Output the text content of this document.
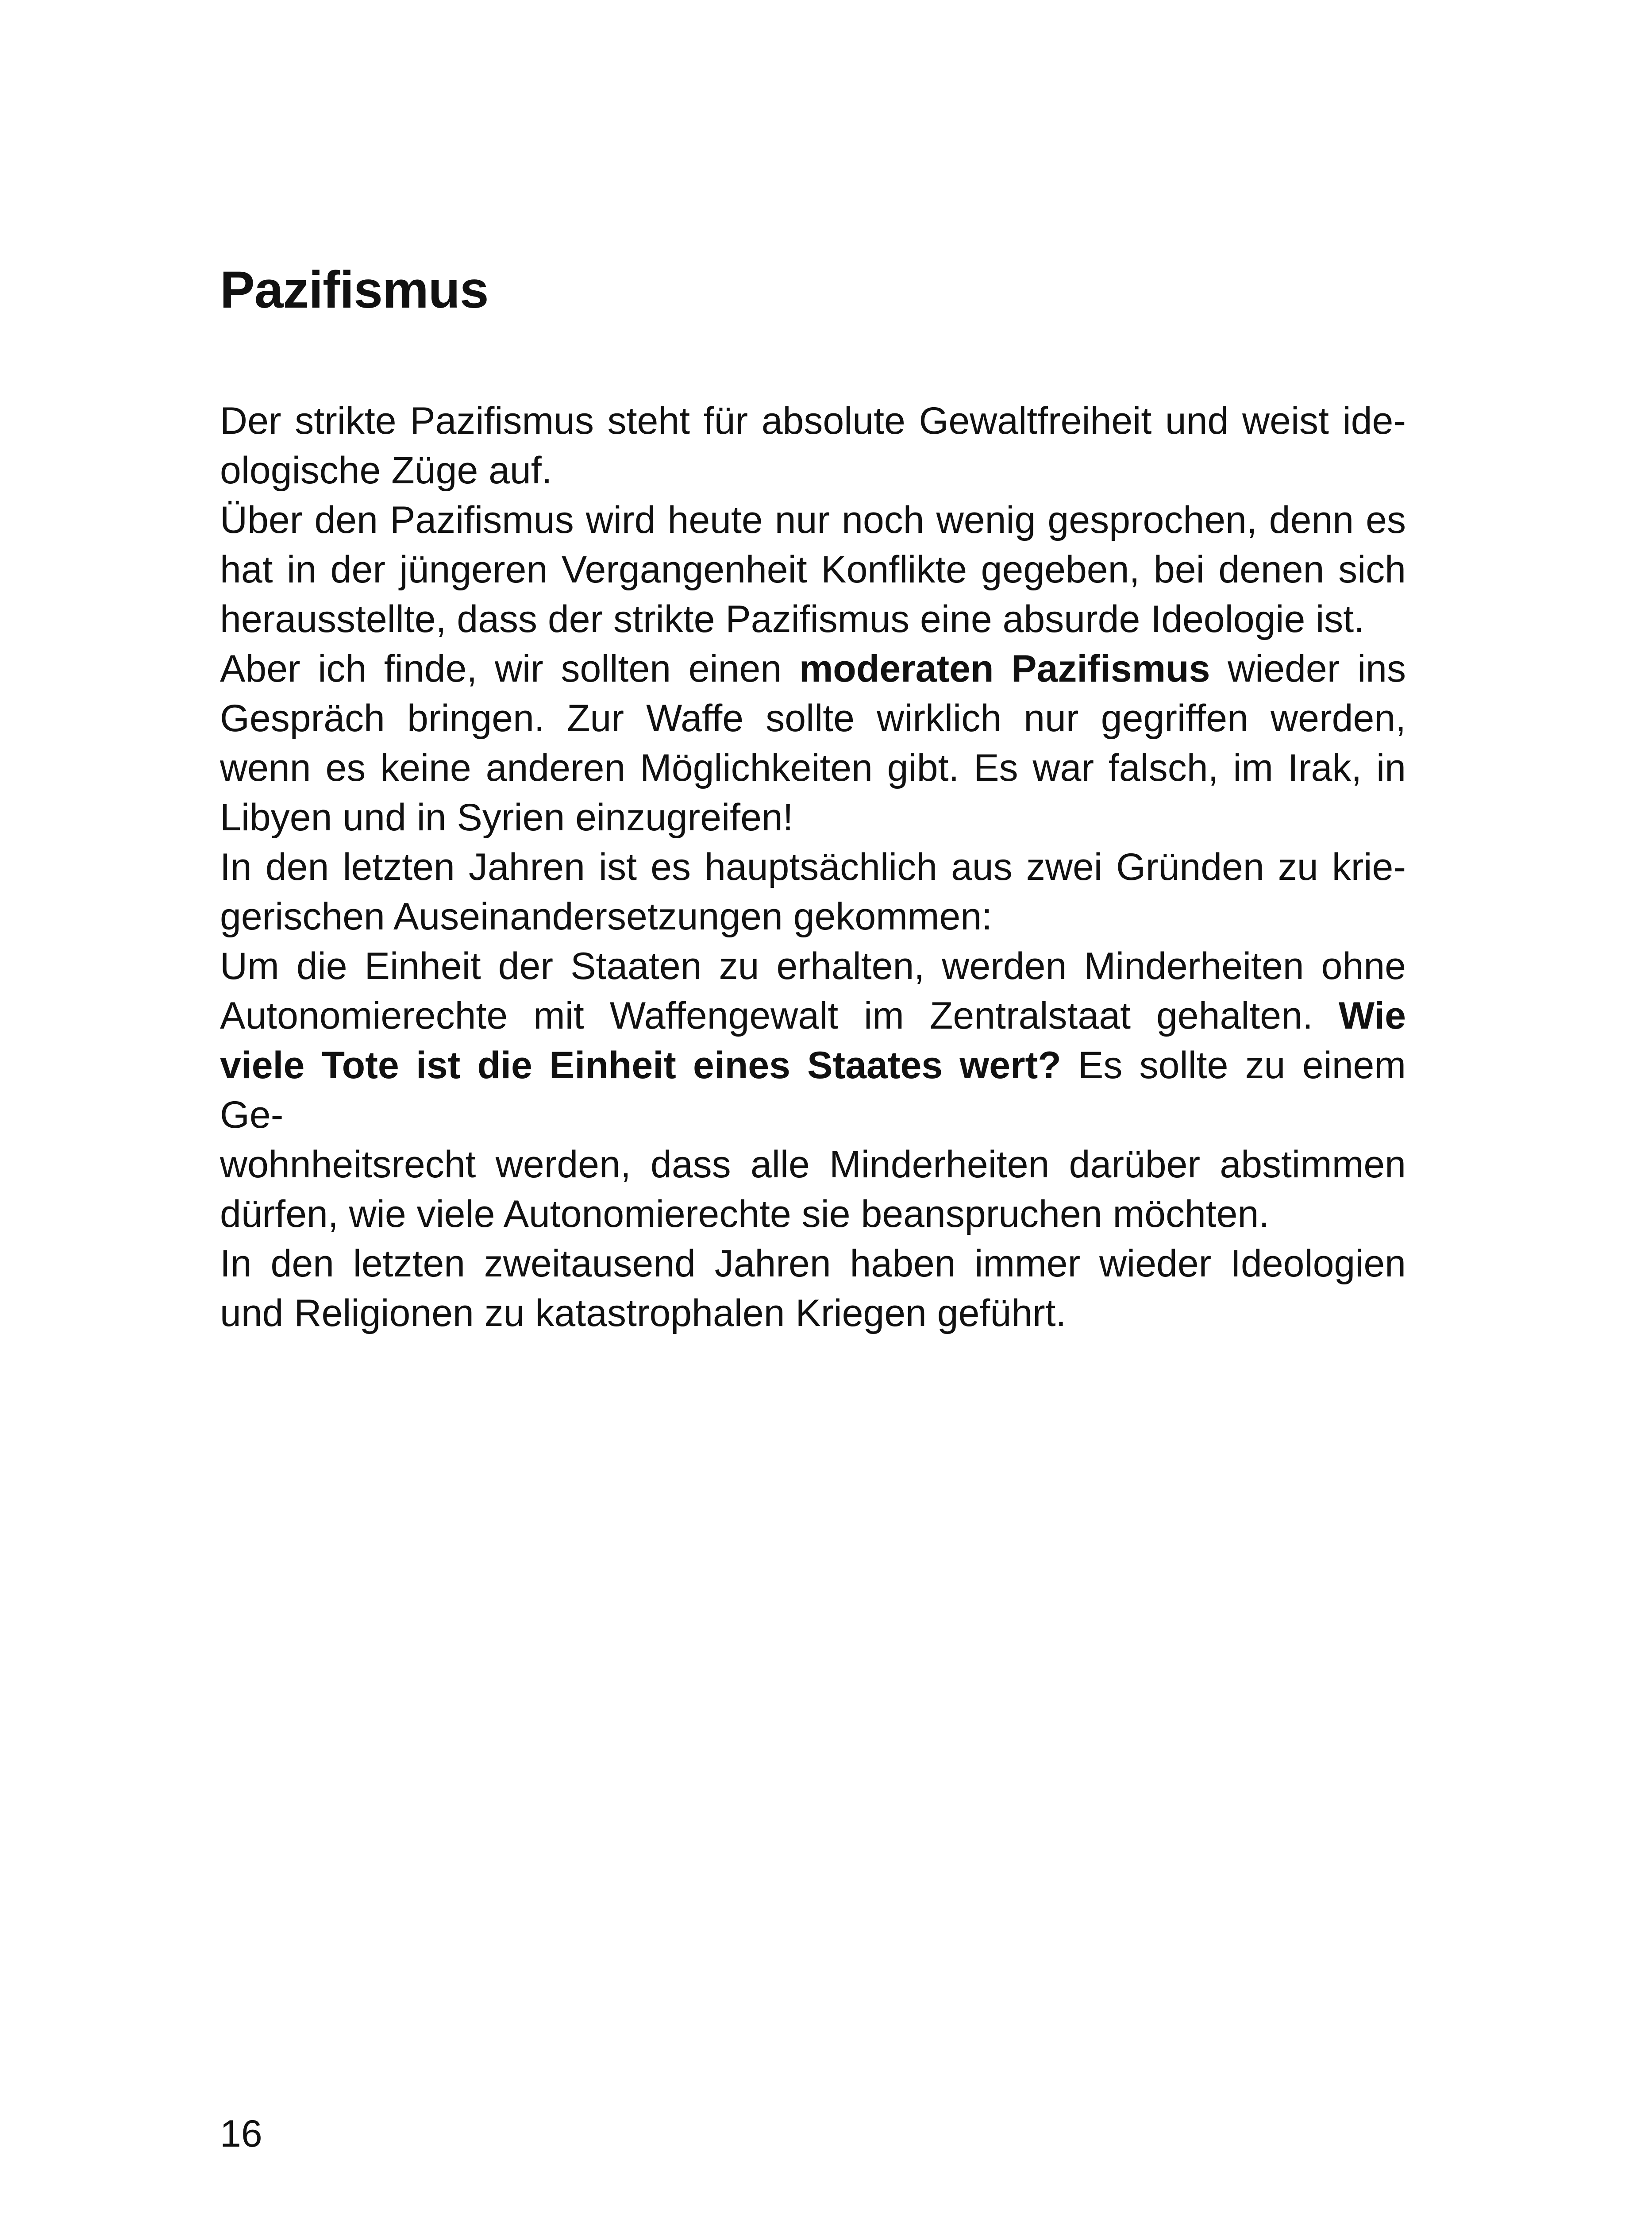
Pazifismus

Der strikte Pazifismus steht für absolute Gewaltfreiheit und weist ide-
ologische Züge auf.

Über den Pazifismus wird heute nur noch wenig gesprochen, denn es
hat in der jüngeren Vergangenheit Konflikte gegeben, bei denen sich
herausstellte, dass der strikte Pazifismus eine absurde Ideologie ist.

Aber ich finde, wir sollten einen moderaten Pazifismus wieder ins
Gespräch bringen. Zur Waffe sollte wirklich nur gegriffen werden,
wenn es keine anderen Möglichkeiten gibt. Es war falsch, im Irak, in
Libyen und in Syrien einzugreifen!

In den letzten Jahren ist es hauptsächlich aus zwei Gründen zu krie-
gerischen Auseinandersetzungen gekommen:

Um die Einheit der Staaten zu erhalten, werden Minderheiten ohne
Autonomierechte mit Waffengewalt im Zentralstaat gehalten. Wie
viele Tote ist die Einheit eines Staates wert? Es sollte zu einem Ge-
wohnheitsrecht werden, dass alle Minderheiten darüber abstimmen
dürfen, wie viele Autonomierechte sie beanspruchen möchten.

In den letzten zweitausend Jahren haben immer wieder Ideologien
und Religionen zu katastrophalen Kriegen geführt.

16
